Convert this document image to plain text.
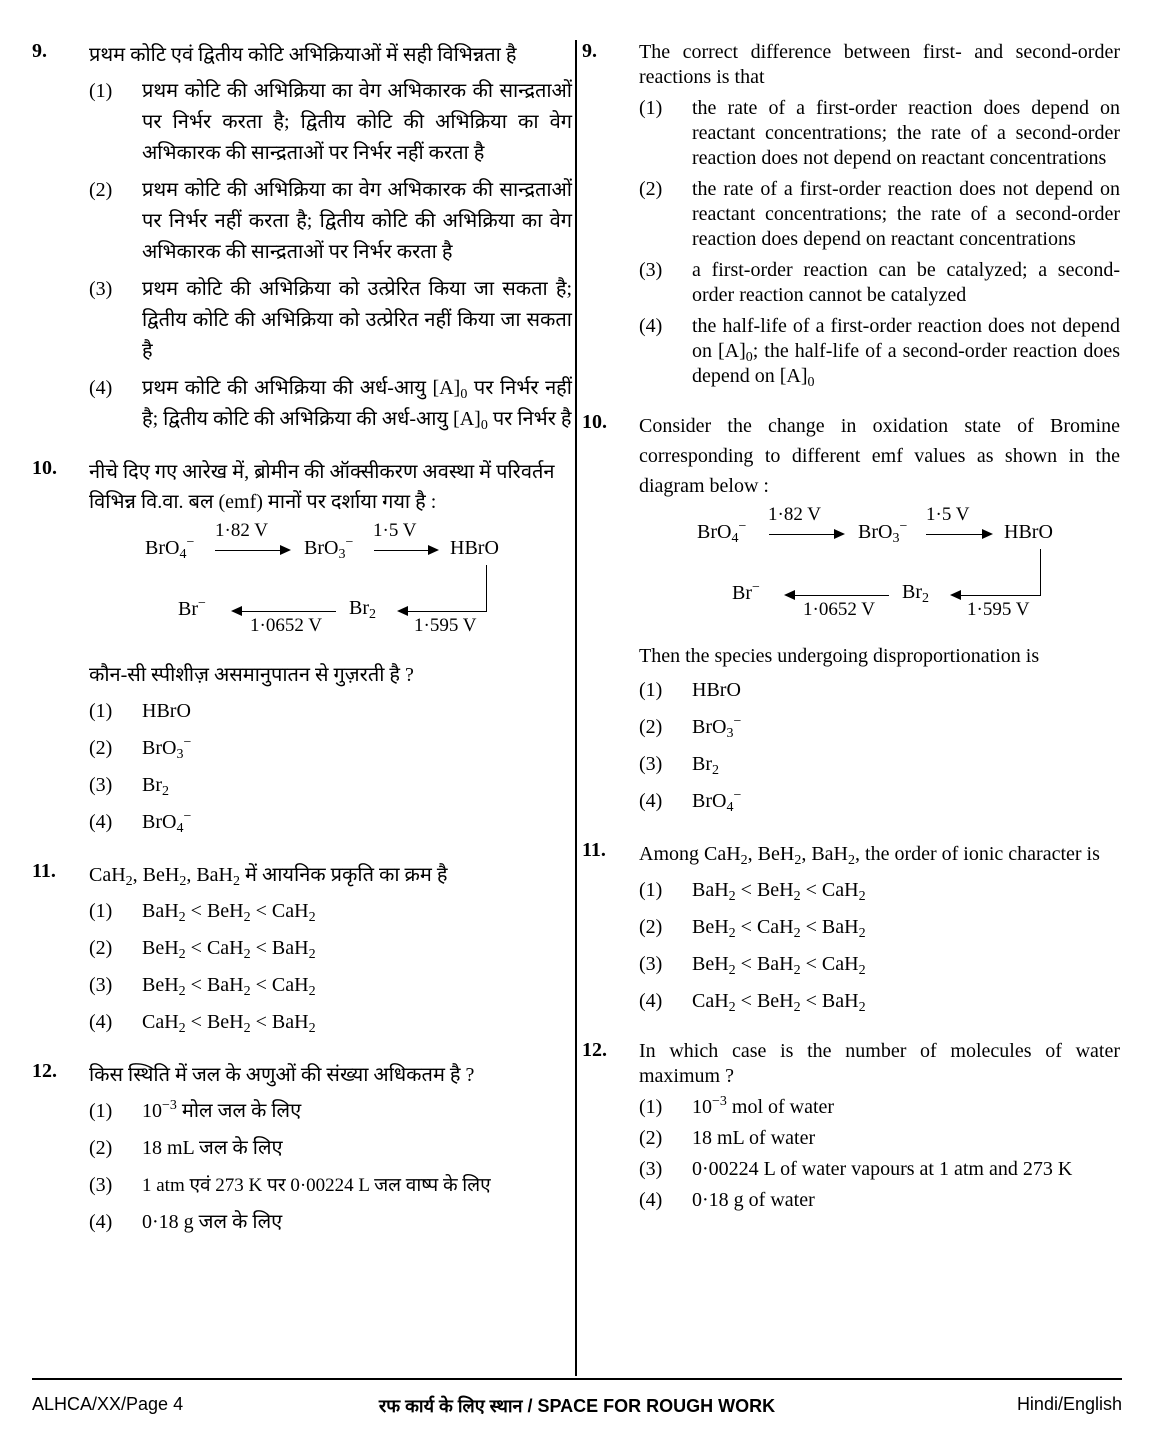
9. प्रथम कोटि एवं द्वितीय कोटि अभिक्रियाओं में सही विभिन्नता है
(1)	प्रथम कोटि की अभिक्रिया का वेग अभिकारक की सान्द्रताओं पर निर्भर करता है; द्वितीय कोटि की अभिक्रिया का वेग अभिकारक की सान्द्रताओं पर निर्भर नहीं करता है
(2)	प्रथम कोटि की अभिक्रिया का वेग अभिकारक की सान्द्रताओं पर निर्भर नहीं करता है; द्वितीय कोटि की अभिक्रिया का वेग अभिकारक की सान्द्रताओं पर निर्भर करता है
(3)	प्रथम कोटि की अभिक्रिया को उत्प्रेरित किया जा सकता है; द्वितीय कोटि की अभिक्रिया को उत्प्रेरित नहीं किया जा सकता है
(4)	प्रथम कोटि की अभिक्रिया की अर्ध-आयु $[A]_0$ पर निर्भर नहीं है; द्वितीय कोटि की अभिक्रिया की अर्ध-आयु $[A]_0$ पर निर्भर है
10. नीचे दिए गए आरेख में, ब्रोमीन की ऑक्सीकरण अवस्था में परिवर्तन विभिन्न वि.वा. बल (emf) मानों पर दर्शाया गया है :
BrO$_4$−
1·82 V
BrO$_3$−
1·5 V
HBrO
1·595 V
$Br_2$
1·0652 V
Br−
कौन-सी स्पीशीज़ असमानुपातन से गुज़रती है ?
(1)	HBrO
(2)	BrO$_3$−
(3)	$Br_2$
(4)	BrO$_4$−
11. CaH$_2$, BeH$_2$, BaH$_2$ में आयनिक प्रकृति का क्रम है
(1)	BaH$_2$ < BeH$_2$ < CaH$_2$
(2)	BeH$_2$ < CaH$_2$ < BaH$_2$
(3)	BeH$_2$ < BaH$_2$ < CaH$_2$
(4)	CaH$_2$ < BeH$_2$ < BaH$_2$
12. किस स्थिति में जल के अणुओं की संख्या अधिकतम है ?
(1)	$10^{-3}$ मोल जल के लिए
(2)	18 mL जल के लिए
(3)	1 atm एवं 273 K पर 0·00224 L जल वाष्प के लिए
(4)	0·18 g जल के लिए
9. The correct difference between first- and second-order reactions is that
(1)	the rate of a first-order reaction does depend on reactant concentrations; the rate of a second-order reaction does not depend on reactant concentrations
(2)	the rate of a first-order reaction does not depend on reactant concentrations; the rate of a second-order reaction does depend on reactant concentrations
(3)	a first-order reaction can be catalyzed; a second-order reaction cannot be catalyzed
(4)	the half-life of a first-order reaction does not depend on $[A]_0$; the half-life of a second-order reaction does depend on $[A]_0$
10. Consider the change in oxidation state of Bromine corresponding to different emf values as shown in the diagram below :
BrO$_4$−
1·82 V
BrO$_3$−
1·5 V
HBrO
1·595 V
$Br_2$
1·0652 V
Br−
Then the species undergoing disproportionation is
(1)	HBrO
(2)	BrO$_3$−
(3)	$Br_2$
(4)	BrO$_4$−
11. Among CaH$_2$, BeH$_2$, BaH$_2$, the order of ionic character is
(1)	BaH$_2$ < BeH$_2$ < CaH$_2$
(2)	BeH$_2$ < CaH$_2$ < BaH$_2$
(3)	BeH$_2$ < BaH$_2$ < CaH$_2$
(4)	CaH$_2$ < BeH$_2$ < BaH$_2$
12. In which case is the number of molecules of water maximum ?
(1)	$10^{-3}$ mol of water
(2)	18 mL of water
(3)	0·00224 L of water vapours at 1 atm and 273 K
(4)	0·18 g of water
ALHCA/XX/Page 4	रफ कार्य के लिए स्थान / SPACE FOR ROUGH WORK	Hindi/English
